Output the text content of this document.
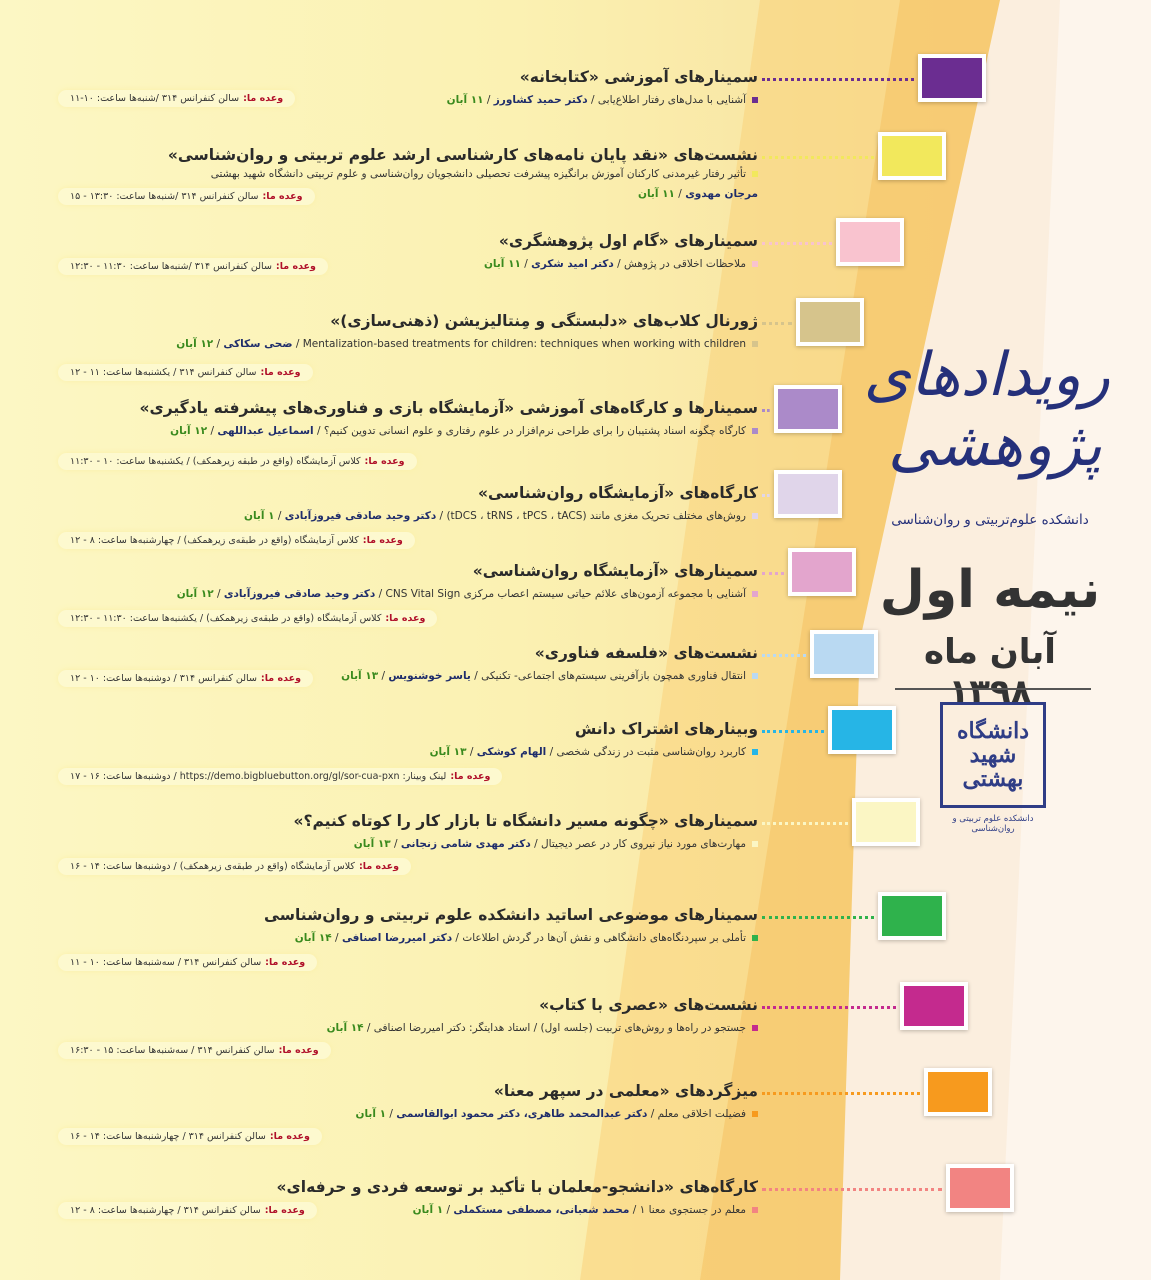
رویدادهای
پژوهشی
دانشکده علوم‌تربیتی و روان‌شناسی
نیمه اول
آبان ماه ۱۳۹۸
دانشگاه
شهید
بهشتی
دانشکده علوم تربیتی و روان‌شناسی
سمینارهای آموزشی «کتابخانه»
آشنایی با مدل‌های رفتار اطلاع‌یابی / دکتر حمید کشاورز / ۱۱ آبان
وعده ما:سالن کنفرانس ۳۱۴ /شنبه‌ها ساعت: ۱۰-۱۱
نشست‌های «نقد پایان نامه‌های کارشناسی ارشد علوم تربیتی و روان‌شناسی»
تأثیر رفتار غیرمدنی کارکنان آموزش برانگیزه پیشرفت تحصیلی دانشجویان روان‌شناسی و علوم تربیتی دانشگاه شهید بهشتی
مرجان مهدوی / ۱۱ آبان
وعده ما:سالن کنفرانس ۳۱۴ /شنبه‌ها ساعت: ۱۳:۳۰ - ۱۵
سمینارهای «گام اول پژوهشگری»
ملاحظات اخلاقی در پژوهش / دکتر امید شکری / ۱۱ آبان
وعده ما:سالن کنفرانس ۳۱۴ /شنبه‌ها ساعت: ۱۱:۳۰ - ۱۲:۳۰
ژورنال کلاب‌های «دلبستگی و مِنتالیزیشن (ذهنی‌سازی)»
Mentalization-based treatments for children: techniques when working with children / ضحی سکاکی / ۱۲ آبان
وعده ما:سالن کنفرانس ۳۱۴ / یکشنبه‌ها ساعت: ۱۱ - ۱۲
سمینارها و کارگاه‌های آموزشی «آزمایشگاه بازی و فناوری‌های پیشرفته یادگیری»
کارگاه چگونه اسناد پشتیبان را برای طراحی نرم‌افزار در علوم رفتاری و علوم انسانی تدوین کنیم؟ / اسماعیل عبداللهی / ۱۲ آبان
وعده ما:کلاس آزمایشگاه (واقع در طبقه زیرهمکف) / یکشنبه‌ها ساعت: ۱۰ - ۱۱:۳۰
کارگاه‌های «آزمایشگاه روان‌شناسی»
روش‌های مختلف تحریک مغزی مانند (tDCS ، tRNS ، tPCS ، tACS) / دکتر وحید صادقی فیروزآبادی / ۱ آبان
وعده ما:کلاس آزمایشگاه (واقع در طبقه‌ی زیرهمکف) / چهارشنبه‌ها ساعت: ۸ - ۱۲
سمینارهای «آزمایشگاه روان‌شناسی»
آشنایی با مجموعه آزمون‌های علائم حیاتی سیستم اعصاب مرکزی CNS Vital Sign / دکتر وحید صادقی فیروزآبادی / ۱۲ آبان
وعده ما:کلاس آزمایشگاه (واقع در طبقه‌ی زیرهمکف) / یکشنبه‌ها ساعت: ۱۱:۳۰ - ۱۲:۳۰
نشست‌های «فلسفه فناوری»
انتقال فناوری همچون بازآفرینی سیستم‌های اجتماعی- تکنیکی / یاسر خوشنویس / ۱۳ آبان
وعده ما:سالن کنفرانس ۳۱۴ / دوشنبه‌ها ساعت: ۱۰ - ۱۲
وبینارهای اشتراک دانش
کاربرد روان‌شناسی مثبت در زندگی شخصی / الهام کوشکی / ۱۳ آبان
وعده ما:لینک وبینار: https://demo.bigbluebutton.org/gl/sor-cua-pxn / دوشنبه‌ها ساعت: ۱۶ - ۱۷
سمینارهای «چگونه مسیر دانشگاه تا بازار کار را کوتاه کنیم؟»
مهارت‌های مورد نیاز نیروی کار در عصر دیجیتال / دکتر مهدی شامی زنجانی / ۱۳ آبان
وعده ما:کلاس آزمایشگاه (واقع در طبقه‌ی زیرهمکف) / دوشنبه‌ها ساعت: ۱۴ - ۱۶
سمینارهای موضوعی اساتید دانشکده علوم تربیتی و روان‌شناسی
تأملی بر سپردنگاه‌های دانشگاهی و نقش آن‌ها در گردش اطلاعات / دکتر امیررضا اصنافی / ۱۴ آبان
وعده ما:سالن کنفرانس ۳۱۴ / سه‌شنبه‌ها ساعت: ۱۰ - ۱۱
نشست‌های «عصری با کتاب»
جستجو در راه‌ها و روش‌های تربیت (جلسه اول) / استاد هدایتگر: دکتر امیررضا اصنافی / ۱۴ آبان
وعده ما:سالن کنفرانس ۳۱۴ / سه‌شنبه‌ها ساعت: ۱۵ - ۱۶:۳۰
میزگردهای «معلمی در سپهر معنا»
فضیلت اخلاقی معلم / دکتر عبدالمحمد طاهری، دکتر محمود ابوالقاسمی / ۱ آبان
وعده ما:سالن کنفرانس ۳۱۴ / چهارشنبه‌ها ساعت: ۱۴ - ۱۶
کارگاه‌های «دانشجو-معلمان با تأکید بر توسعه فردی و حرفه‌ای»
معلم در جستجوی معنا ۱ / محمد شعبانی، مصطفی مستکملی / ۱ آبان
وعده ما:سالن کنفرانس ۳۱۴ / چهارشنبه‌ها ساعت: ۸ - ۱۲
